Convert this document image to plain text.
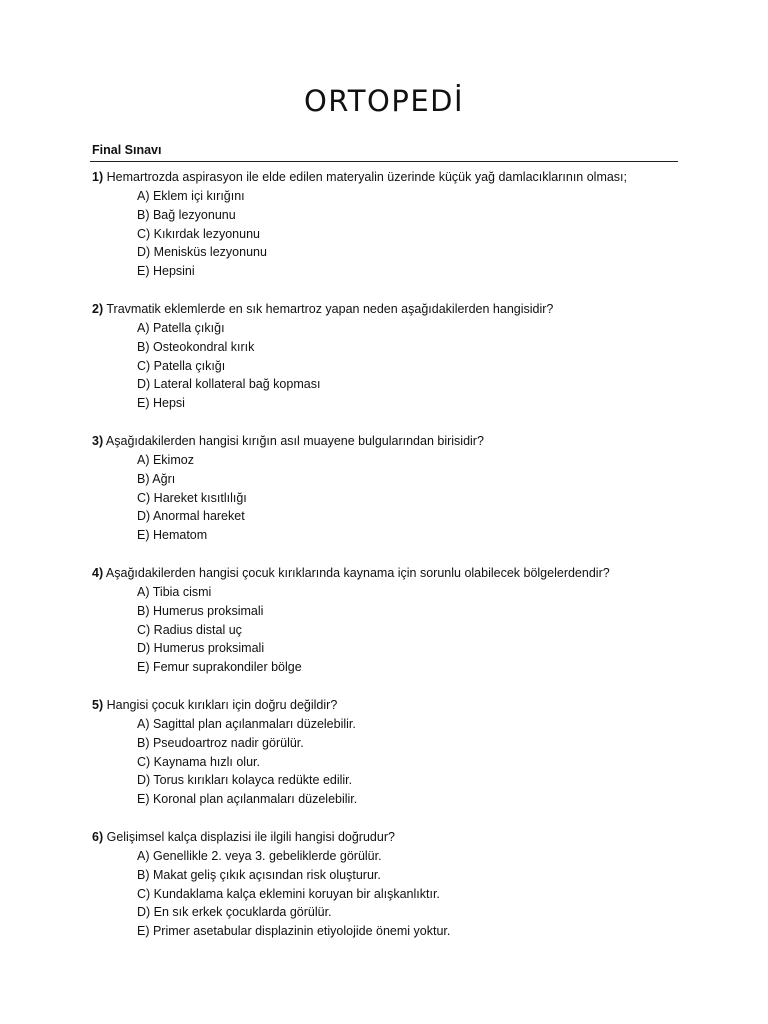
ORTOPEDİ
Final Sınavı
1) Hemartrozda aspirasyon ile elde edilen materyalin üzerinde küçük yağ damlacıklarının olması;
A) Eklem içi kırığını
B) Bağ lezyonunu
C) Kıkırdak lezyonunu
D) Menisküs lezyonunu
E) Hepsini
2) Travmatik eklemlerde en sık hemartroz yapan neden aşağıdakilerden hangisidir?
A) Patella çıkığı
B) Osteokondral kırık
C) Patella çıkığı
D) Lateral kollateral bağ kopması
E) Hepsi
3) Aşağıdakilerden hangisi kırığın asıl muayene bulgularından birisidir?
A) Ekimoz
B) Ağrı
C) Hareket kısıtlılığı
D) Anormal hareket
E) Hematom
4) Aşağıdakilerden hangisi çocuk kırıklarında kaynama için sorunlu olabilecek bölgelerdendir?
A) Tibia cismi
B) Humerus proksimali
C) Radius distal uç
D) Humerus proksimali
E) Femur suprakondiler bölge
5) Hangisi çocuk kırıkları için doğru değildir?
A) Sagittal plan açılanmaları düzelebilir.
B) Pseudoartroz nadir görülür.
C) Kaynama hızlı olur.
D) Torus kırıkları kolayca redükte edilir.
E) Koronal plan açılanmaları düzelebilir.
6) Gelişimsel kalça displazisi ile ilgili hangisi doğrudur?
A) Genellikle 2. veya 3. gebeliklerde görülür.
B) Makat geliş çıkık açısından risk oluşturur.
C) Kundaklama kalça eklemini koruyan bir alışkanlıktır.
D) En sık erkek çocuklarda görülür.
E) Primer asetabular displazinin etiyolojide önemi yoktur.
